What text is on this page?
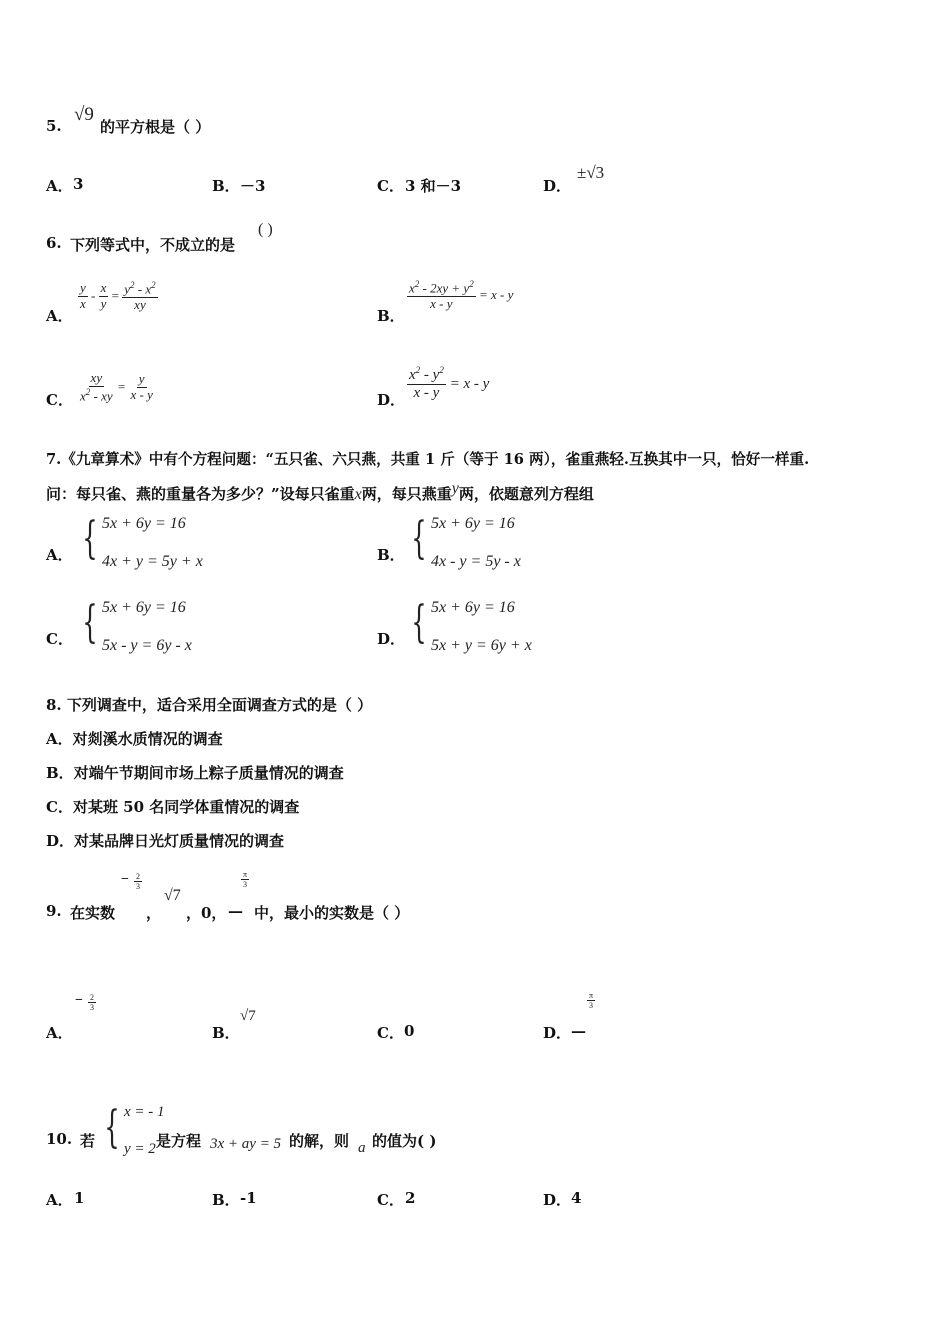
5.
√9
的平方根是（ ）
A． 3	B． －3	C． 3 和－3	D．
±√3
6. 下列等式中，不成立的是
( )
A．
$\frac{y}{x} - \frac{x}{y} = \frac{y^2 - x^2}{xy}$
B．
$\frac{x^2 - 2xy + y^2}{x - y} = x - y$
C． $\frac{xy}{x^2 - xy} = \frac{y}{x - y}$	D． $\frac{x^2 - y^2}{x - y} = x - y$
7.《九章算术》中有个方程问题：“五只雀、六只燕，共重 1 斤（等于 16 两），雀重燕轻.互换其中一只，恰好一样重.
问：每只雀、燕的重量各为多少？”设每只雀重x两，每只燕重y两，依题意列方程组
A． { 5x + 6y = 16
4x + y = 5y + x	B． { 5x + 6y = 16
4x - y = 5y - x
C． { 5x + 6y = 16
5x - y = 6y - x	D． { 5x + 6y = 16
5x + y = 6y + x
8. 下列调查中，适合采用全面调查方式的是（ ）
A．对剡溪水质情况的调查
B．对端午节期间市场上粽子质量情况的调查
C．对某班 50 名同学体重情况的调查
D．对某品牌日光灯质量情况的调查
9. 在实数
− $\frac{2}{3}$
，
√7
，0，
$\frac{\pi}{3}$
— 中，最小的实数是（ ）
A．
− $\frac{2}{3}$
B．
√7
C． 0	D． —
$\frac{\pi}{3}$
10. 若 { x = - 1
y = 2 是方程 3x + ay = 5 的解，则 a 的值为( )
A． 1	B． -1	C． 2	D． 4
